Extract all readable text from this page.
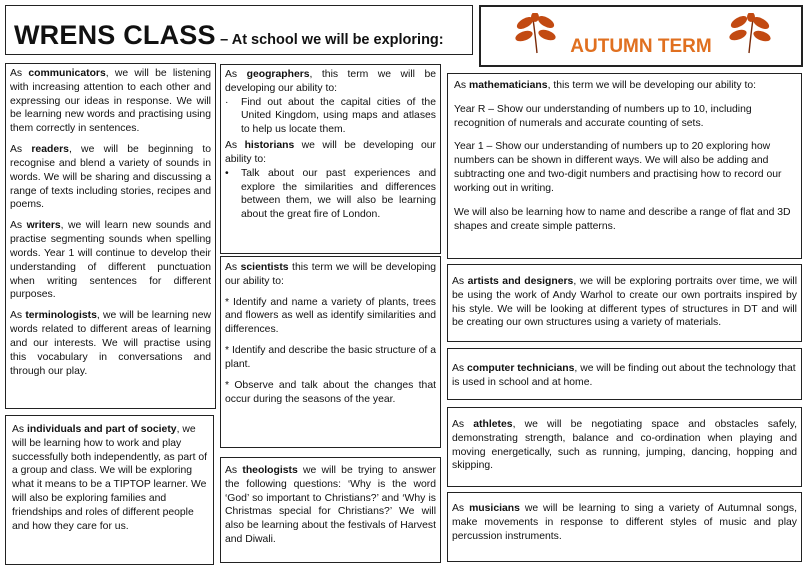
WRENS CLASS – At school we will be exploring:	AUTUMN TERM

As communicators, we will be listening with increasing attention to each other and expressing our ideas in response. We will be learning new words and practising using them correctly in sentences.

As readers, we will be beginning to recognise and blend a variety of sounds in words. We will be sharing and discussing a range of texts including stories, recipes and poems.

As writers, we will learn new sounds and practise segmenting sounds when spelling words. Year 1 will continue to develop their understanding of different punctuation when writing sentences for different purposes.

As terminologists, we will be learning new words related to different areas of learning and our interests. We will practise using this vocabulary in conversations and through our play.

As individuals and part of society, we will be learning how to work and play successfully both independently, as part of a group and class. We will be exploring what it means to be a TIPTOP learner. We will also be exploring families and friendships and roles of different people and how they care for us.

As geographers, this term we will be developing our ability to:

·	Find out about the capital cities of the United Kingdom, using maps and atlases to help us locate them.

As historians we will be developing our ability to:

•	Talk about our past experiences and explore the similarities and differences between them, we will also be learning about the great fire of London.

As scientists this term we will be developing our ability to:

* Identify and name a variety of plants, trees and flowers as well as identify similarities and differences.

* Identify and describe the basic structure of a plant.

* Observe and talk about the changes that occur during the seasons of the year.

As theologists we will be trying to answer the following questions: ‘Why is the word ‘God’ so important to Christians?’ and ‘Why is Christmas special for Christians?’ We will also be learning about the festivals of Harvest and Diwali.

As mathematicians, this term we will be developing our ability to:

Year R – Show our understanding of numbers up to 10, including recognition of numerals and accurate counting of sets.

Year 1 – Show our understanding of numbers up to 20 exploring how numbers can be shown in different ways. We will also be adding and subtracting one and two-digit numbers and practising how to record our working out in writing.

We will also be learning how to name and describe a range of flat and 3D shapes and create simple patterns.

As artists and designers, we will be exploring portraits over time, we will be using the work of Andy Warhol to create our own portraits inspired by his style. We will be looking at different types of structures in DT and will be creating our own structures using a variety of materials.

As computer technicians, we will be finding out about the technology that is used in school and at home.

As athletes, we will be negotiating space and obstacles safely, demonstrating strength, balance and co-ordination when playing and moving energetically, such as running, jumping, dancing, hopping and skipping.

As musicians we will be learning to sing a variety of Autumnal songs, make movements in response to different styles of music and play percussion instruments.
